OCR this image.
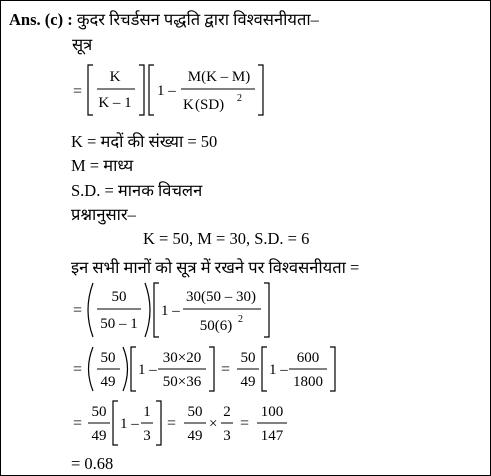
Ans. (c) : कुदर रिचर्डसन पद्धति द्वारा विश्वसनीयता–
सूत्र
=
K
K – 1
1 –
M(K – M)
K (SD) 2
K = मदों की संख्या = 50
M = माध्य
S.D. = मानक विचलन
प्रश्नानुसार–
K = 50, M = 30, S.D. = 6
इन सभी मानों को सूत्र में रखने पर विश्वसनीयता =
=
50
50 – 1
1 –
30(50 – 30)
50(6) 2
=
50
49
1 –
30×20
50×36
=
50
49
1 –
600
1800
=
50
49
1 –
1
3
=
50
49
×
2
3
=
100
147
= 0.68
